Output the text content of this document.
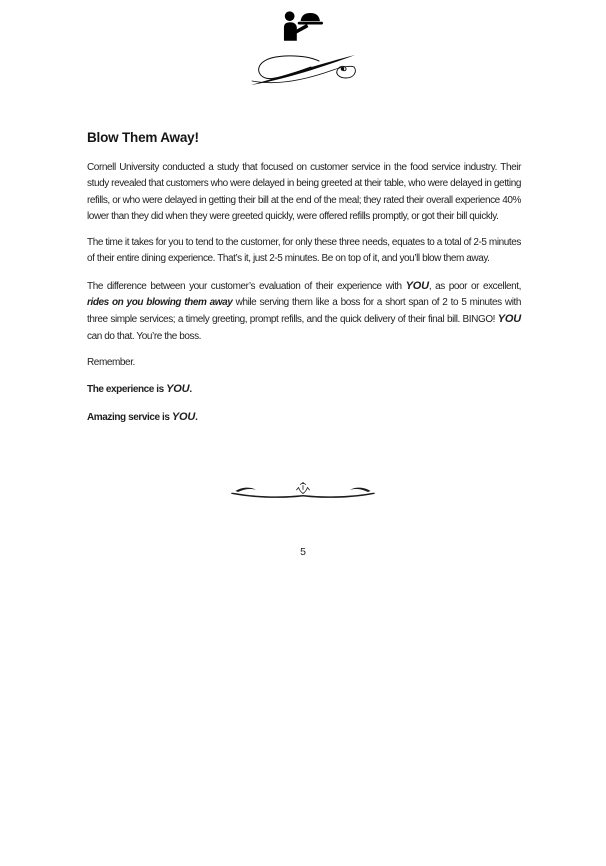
Blow Them Away!

Cornell University conducted a study that focused on customer service in the food service industry. Their study revealed that customers who were delayed in being greeted at their table, who were delayed in getting refills, or who were delayed in getting their bill at the end of the meal; they rated their overall experience 40% lower than they did when they were greeted quickly, were offered refills promptly, or got their bill quickly.

The time it takes for you to tend to the customer, for only these three needs, equates to a total of 2-5 minutes of their entire dining experience. That’s it, just 2-5 minutes. Be on top of it, and you’ll blow them away.

The difference between your customer’s evaluation of their experience with YOU, as poor or excellent, rides on you blowing them away while serving them like a boss for a short span of 2 to 5 minutes with three simple services; a timely greeting, prompt refills, and the quick delivery of their final bill. BINGO! YOU can do that. You’re the boss.

Remember.

The experience is YOU.

Amazing service is YOU.

5
